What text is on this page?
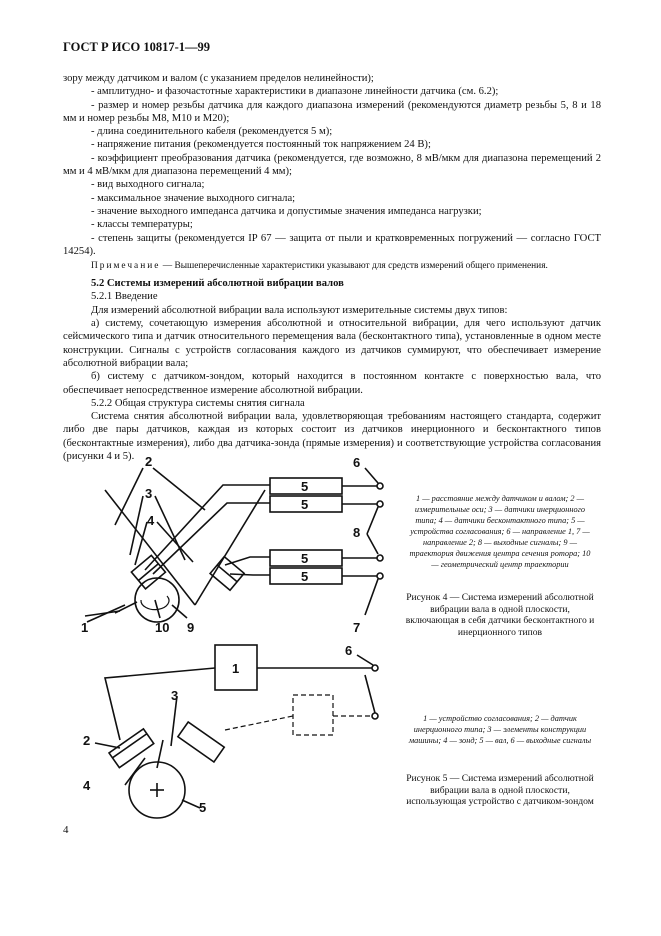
ГОСТ Р ИСО 10817-1—99

зору между датчиком и валом (с указанием пределов нелинейности);

- амплитудно- и фазочастотные характеристики в диапазоне линейности датчика (см. 6.2);

- размер и номер резьбы датчика для каждого диапазона измерений (рекомендуются диаметр резьбы 5, 8 и 18 мм и номер резьбы М8, М10 и М20);

- длина соединительного кабеля (рекомендуется 5 м);

- напряжение питания (рекомендуется постоянный ток напряжением 24 В);

- коэффициент преобразования датчика (рекомендуется, где возможно, 8 мВ/мкм для диапазона перемещений 2 мм и 4 мВ/мкм для диапазона перемещений 4 мм);

- вид выходного сигнала;

- максимальное значение выходного сигнала;

- значение выходного импеданса датчика и допустимые значения импеданса нагрузки;

- классы температуры;

- степень защиты (рекомендуется IP 67 — защита от пыли и кратковременных погружений — согласно ГОСТ 14254).

Примечание — Вышеперечисленные характеристики указывают для средств измерений общего применения.

5.2 Системы измерений абсолютной вибрации валов

5.2.1 Введение

Для измерений абсолютной вибрации вала используют измерительные системы двух типов:

а) систему, сочетающую измерения абсолютной и относительной вибрации, для чего используют датчик сейсмического типа и датчик относительного перемещения вала (бесконтактного типа), установленные в одном месте конструкции. Сигналы с устройств согласования каждого из датчиков суммируют, что обеспечивает измерение абсолютной вибрации вала;

б) систему с датчиком-зондом, который находится в постоянном контакте с поверхностью вала, что обеспечивает непосредственное измерение абсолютной вибрации.

5.2.2 Общая структура системы снятия сигнала

Система снятия абсолютной вибрации вала, удовлетворяющая требованиям настоящего стандарта, содержит либо две пары датчиков, каждая из которых состоит из датчиков инерционного и бесконтактного типов (бесконтактные измерения), либо два датчика-зонда (прямые измерения) и соответствующие устройства согласования (рисунки 4 и 5). 2
3
4
1	10 9
5
5
5
5
6
8
7
1 — расстояние между датчиком и валом; 2 — измерительные оси; 3 — датчики инерционного типа; 4 — датчики бесконтактного типа; 5 — устройства согласования; 6 — направление 1, 7 — направление 2; 8 — выходные сигналы; 9 — траектория движения центра сечения ротора; 10 — геометрический центр траектории
Рисунок 4 — Система измерений абсолютной вибрации вала в одной плоскости, включающая в себя датчики бесконтактного и инерционного типов
1
6
3
2
4
5
1 — устройство согласования; 2 — датчик инерционного типа; 3 — элементы конструкции машины; 4 — зонд; 5 — вал, 6 — выходные сигналы
Рисунок 5 — Система измерений абсолютной вибрации вала в одной плоскости, использующая устройство с датчиком-зондом
4
